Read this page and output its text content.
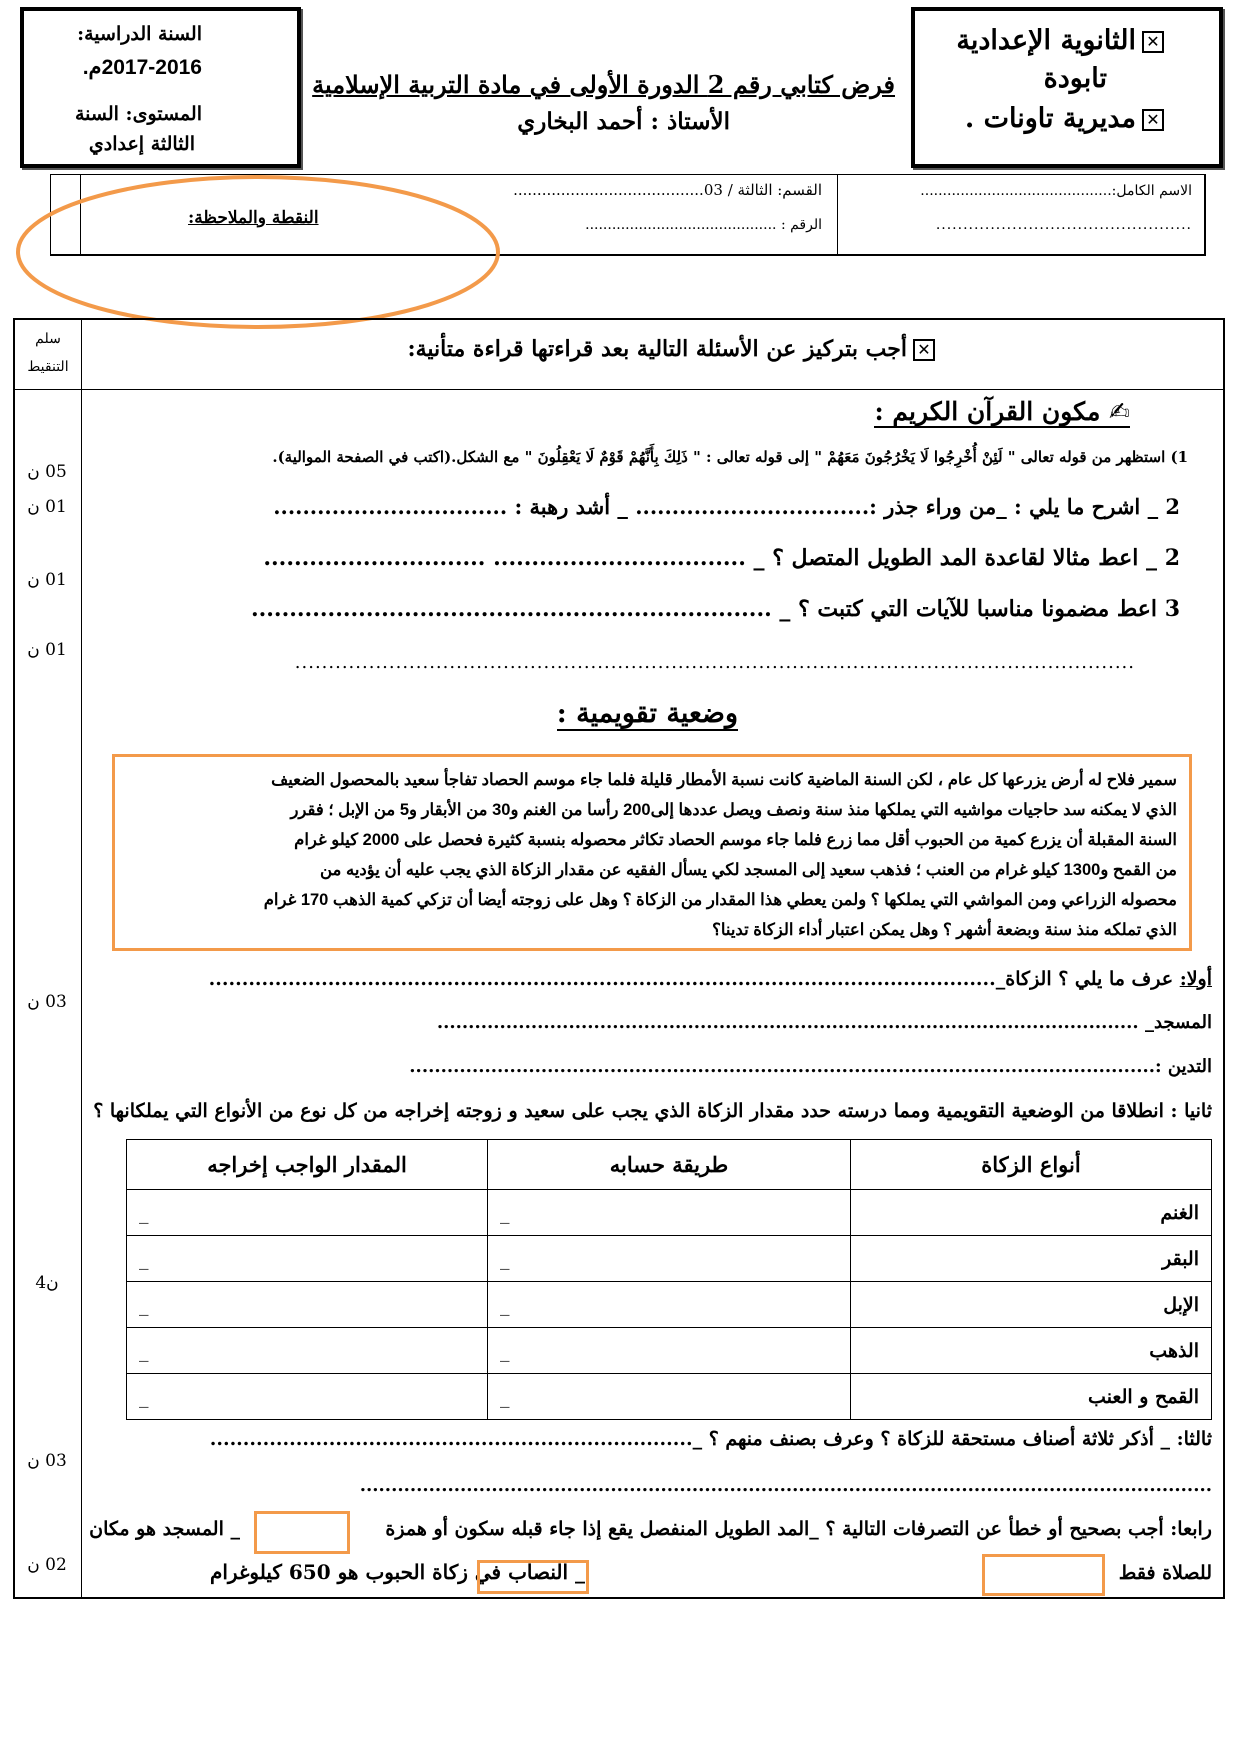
السنة الدراسية:
2017-2016م.
المستوى: السنة
الثالثة إعدادي
فرض كتابي رقم 2 الدورة الأولى في مادة التربية الإسلامية
الأستاذ : أحمد البخاري
✕الثانوية الإعدادية
تابودة
✕مديرية تاونات .
الاسم الكامل:...........................................
...............................................
القسم: الثالثة / 03........................................
الرقم : ...........................................
النقطة والملاحظة:
سلم التنقيط
✕أجب بتركيز عن الأسئلة التالية بعد قراءتها قراءة متأنية:
✍ مكون القرآن الكريم :
1) استظهر من قوله تعالى " لَئِنْ أُخْرِجُوا لَا يَخْرُجُونَ مَعَهُمْ " إلى قوله تعالى : " ذَلِكَ بِأَنَّهُمْ قَوْمٌ لَا يَعْقِلُونَ " مع الشكل.(اكتب في الصفحة الموالية).
2 _ اشرح ما يلي : _من وراء جذر :................................ _ أشد رهبة : ................................
2 _ اعط مثالا لقاعدة المد الطويل المتصل ؟ _ ................................. .............................
3 اعط مضمونا مناسبا للآيات التي كتبت ؟ _ ....................................................................
.............................................................................................................................
وضعية تقويمية :
سمير فلاح له أرض يزرعها كل عام ، لكن السنة الماضية كانت نسبة الأمطار قليلة فلما جاء موسم الحصاد تفاجأ سعيد بالمحصول الضعيف
الذي لا يمكنه سد حاجيات مواشيه التي يملكها منذ سنة ونصف ويصل عددها إلى200 رأسا من الغنم و30 من الأبقار و5 من الإبل ؛ فقرر
السنة المقبلة أن يزرع كمية من الحبوب أقل مما زرع فلما جاء موسم الحصاد تكاثر محصوله بنسبة كثيرة فحصل على 2000 كيلو غرام
من القمح و1300 كيلو غرام من العنب ؛ فذهب سعيد إلى المسجد لكي يسأل الفقيه عن مقدار الزكاة الذي يجب عليه أن يؤديه من
محصوله الزراعي ومن المواشي التي يملكها ؟ ولمن يعطي هذا المقدار من الزكاة ؟ وهل على زوجته أيضا أن تزكي كمية الذهب 170 غرام
الذي تملكه منذ سنة وبضعة أشهر ؟ وهل يمكن اعتبار أداء الزكاة تدينا؟
أولا: عرف ما يلي ؟ الزكاة_.......................................................................................................................
المسجد_ ................................................................................................................
التدين :.......................................................................................................................
ثانيا : انطلاقا من الوضعية التقويمية ومما درسته حدد مقدار الزكاة الذي يجب على سعيد و زوجته إخراجه من كل نوع من الأنواع التي يملكانها ؟
أنواع الزكاة	طريقة حسابه	المقدار الواجب إخراجه
الغنم	_	_
البقر	_	_
الإبل	_	_
الذهب	_	_
القمح و العنب	_	_
ثالثا: _ أذكر ثلاثة أصناف مستحقة للزكاة ؟ وعرف بصنف منهم ؟ _.........................................................................
........................................................................................................................................
رابعا: أجب بصحيح أو خطأ عن التصرفات التالية ؟ _المد الطويل المنفصل يقع إذا جاء قبله سكون أو همزة
_ المسجد هو مكان
للصلاة فقط
_ النصاب في زكاة الحبوب هو 650 كيلوغرام
05 ن
01 ن
01 ن
01 ن
03 ن
ن4
03 ن
02 ن
